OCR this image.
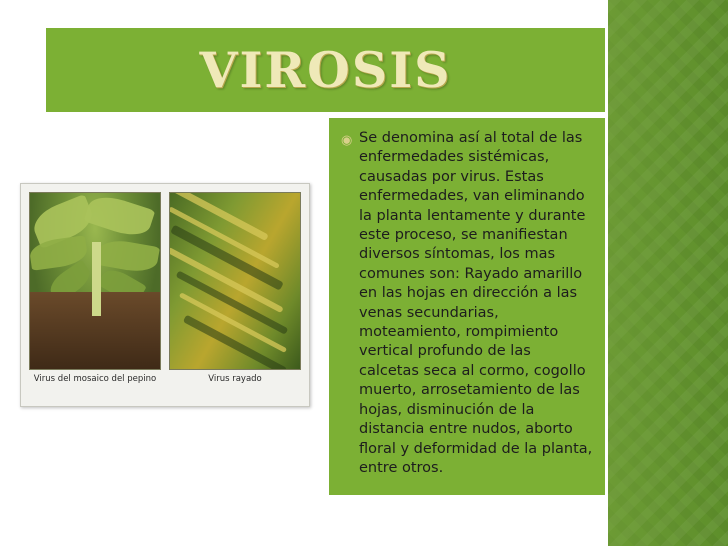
VIROSIS
◉ Se denomina así al total de las enfermedades sistémicas, causadas por virus. Estas enfermedades, van eliminando la planta lentamente y durante este proceso, se manifiestan diversos síntomas, los mas comunes son: Rayado amarillo en las hojas en dirección a las venas secundarias, moteamiento, rompimiento vertical profundo de las calcetas seca al cormo, cogollo muerto, arrosetamiento de las hojas, disminución de la distancia entre nudos, aborto floral y deformidad de la planta, entre otros.
Virus del mosaico del pepino	Virus rayado
